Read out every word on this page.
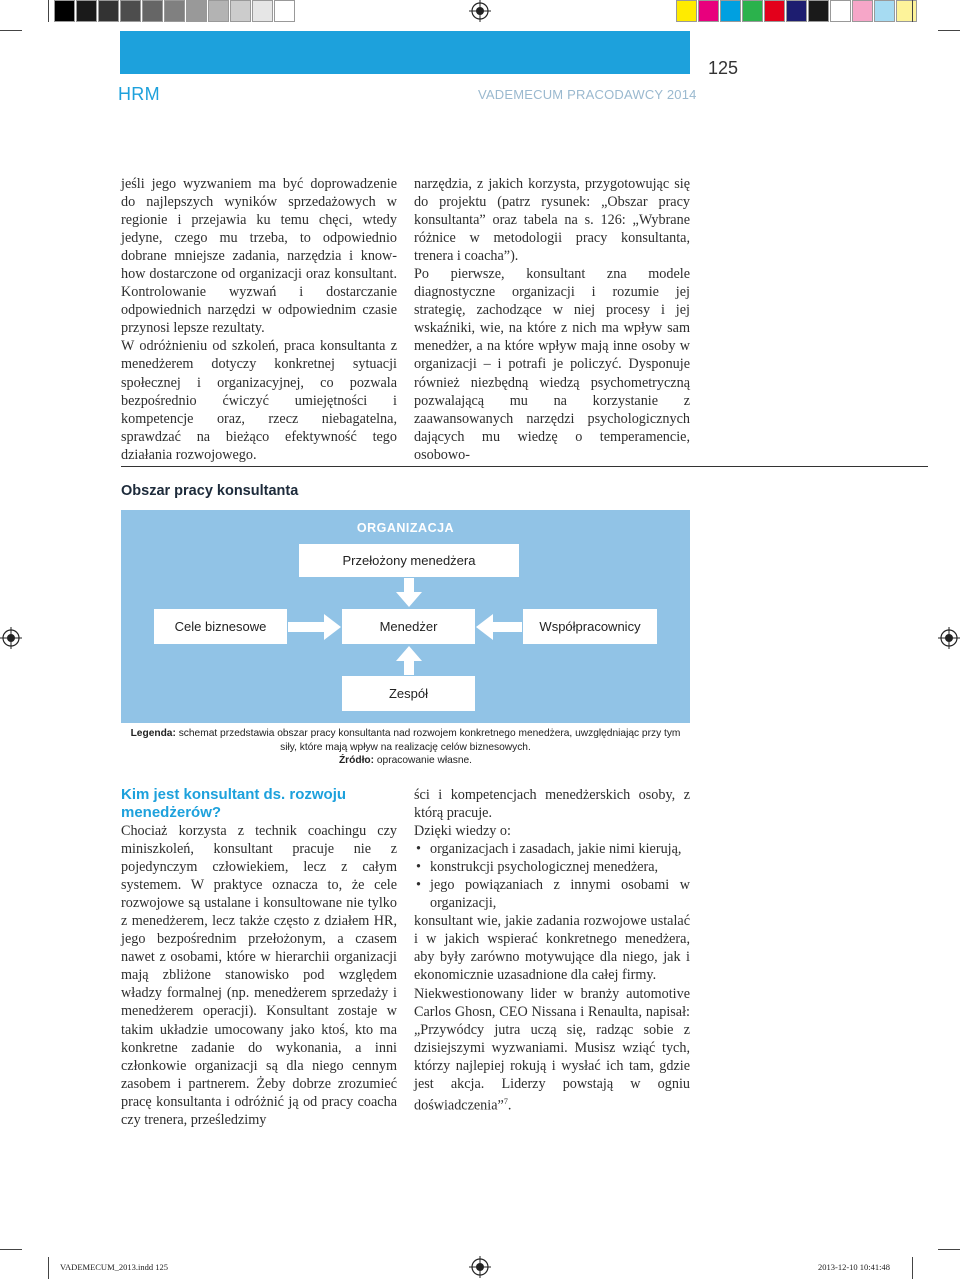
125
HRM	VADEMECUM PRACODAWCY 2014

jeśli jego wyzwaniem ma być doprowadzenie do najlepszych wyników sprzedażowych w regionie i przejawia ku temu chęci, wtedy jedyne, czego mu trzeba, to odpowiednio dobrane mniejsze zadania, narzędzia i know-how dostarczone od organizacji oraz konsultant. Kontrolowanie wyzwań i dostarczanie odpowiednich narzędzi w odpowiednim czasie przynosi lepsze rezultaty.

W odróżnieniu od szkoleń, praca konsultanta z menedżerem dotyczy konkretnej sytuacji społecznej i organizacyjnej, co pozwala bezpośrednio ćwiczyć umiejętności i kompetencje oraz, rzecz niebagatelna, sprawdzać na bieżąco efektywność tego działania rozwojowego.

narzędzia, z jakich korzysta, przygotowując się do projektu (patrz rysunek: „Obszar pracy konsultanta” oraz tabela na s. 126: „Wybrane różnice w metodologii pracy konsultanta, trenera i coacha”).

Po pierwsze, konsultant zna modele diagnostyczne organizacji i rozumie jej strategię, zachodzące w niej procesy i jej wskaźniki, wie, na które z nich ma wpływ sam menedżer, a na które wpływ mają inne osoby w organizacji – i potrafi je policzyć. Dysponuje również niezbędną wiedzą psychometryczną pozwalającą mu na korzystanie z zaawansowanych narzędzi psychologicznych dających mu wiedzę o temperamencie, osobowo-

Obszar pracy konsultanta
ORGANIZACJA
Przełożony menedżera
Cele biznesowe	Menedżer	Współpracownicy
Zespół
Legenda: schemat przedstawia obszar pracy konsultanta nad rozwojem konkretnego menedżera, uwzględniając przy tym siły, które mają wpływ na realizację celów biznesowych.
Źródło: opracowanie własne.
Kim jest konsultant ds. rozwoju menedżerów?

Chociaż korzysta z technik coachingu czy miniszkoleń, konsultant pracuje nie z pojedynczym człowiekiem, lecz z całym systemem. W praktyce oznacza to, że cele rozwojowe są ustalane i konsultowane nie tylko z menedżerem, lecz także często z działem HR, jego bezpośrednim przełożonym, a czasem nawet z osobami, które w hierarchii organizacji mają zbliżone stanowisko pod względem władzy formalnej (np. menedżerem sprzedaży i menedżerem operacji). Konsultant zostaje w takim układzie umocowany jako ktoś, kto ma konkretne zadanie do wykonania, a inni członkowie organizacji są dla niego cennym zasobem i partnerem. Żeby dobrze zrozumieć pracę konsultanta i odróżnić ją od pracy coacha czy trenera, prześledzimy

ści i kompetencjach menedżerskich osoby, z którą pracuje.

Dzięki wiedzy o:

• organizacjach i zasadach, jakie nimi kierują,
• konstrukcji psychologicznej menedżera,
• jego powiązaniach z innymi osobami w organizacji,

konsultant wie, jakie zadania rozwojowe ustalać i w jakich wspierać konkretnego menedżera, aby były zarówno motywujące dla niego, jak i ekonomicznie uzasadnione dla całej firmy.

Niekwestionowany lider w branży automotive Carlos Ghosn, CEO Nissana i Renaulta, napisał: „Przywódcy jutra uczą się, radząc sobie z dzisiejszymi wyzwaniami. Musisz wziąć tych, którzy najlepiej rokują i wysłać ich tam, gdzie jest akcja. Liderzy powstają w ogniu doświadczenia”$^7$.

VADEMECUM_2013.indd 125	2013-12-10 10:41:48
